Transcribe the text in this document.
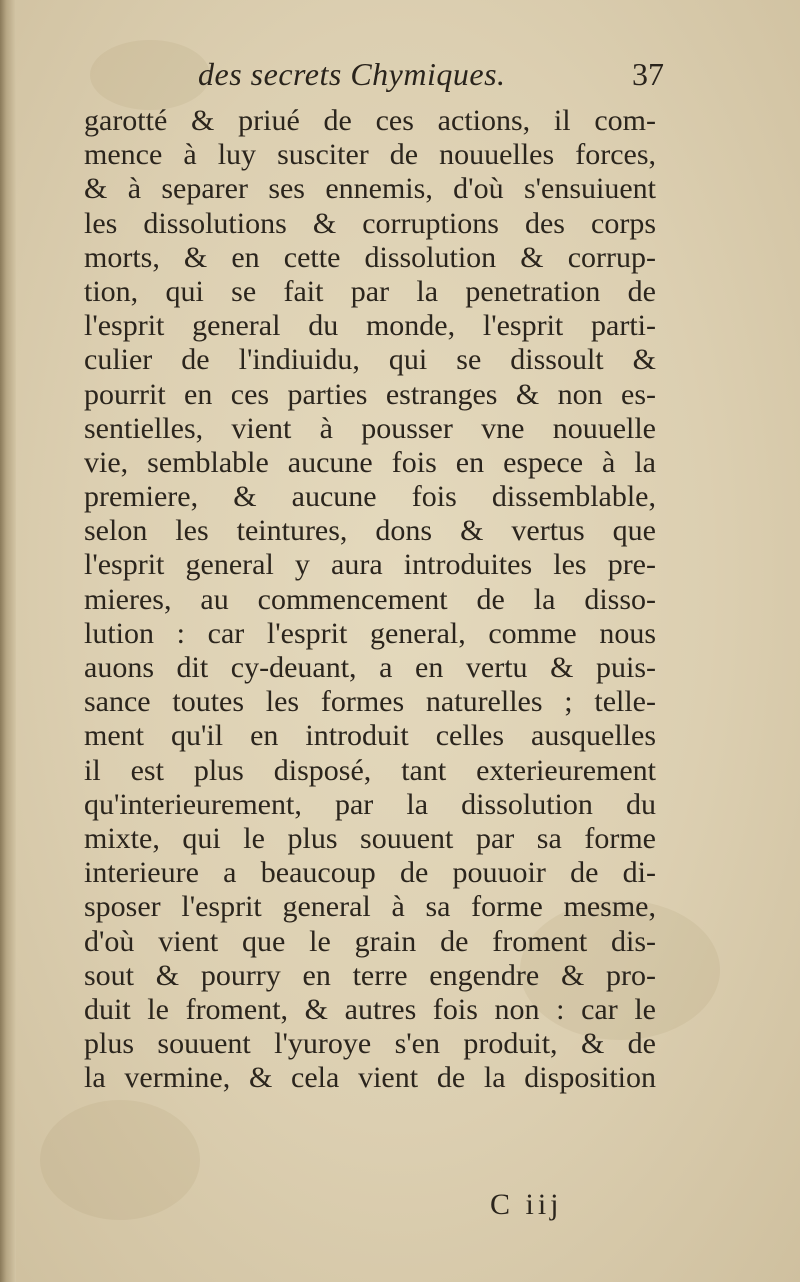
des secrets Chymiques.	37
garotté & priué de ces actions, il com-
mence à luy susciter de nouuelles forces,
& à separer ses ennemis, d'où s'ensuiuent
les dissolutions & corruptions des corps
morts, & en cette dissolution & corrup-
tion, qui se fait par la penetration de
l'esprit general du monde, l'esprit parti-
culier de l'indiuidu, qui se dissoult &
pourrit en ces parties estranges & non es-
sentielles, vient à pousser vne nouuelle
vie, semblable aucune fois en espece à la
premiere, & aucune fois dissemblable,
selon les teintures, dons & vertus que
l'esprit general y aura introduites les pre-
mieres, au commencement de la disso-
lution : car l'esprit general, comme nous
auons dit cy-deuant, a en vertu & puis-
sance toutes les formes naturelles ; telle-
ment qu'il en introduit celles ausquelles
il est plus disposé, tant exterieurement
qu'interieurement, par la dissolution du
mixte, qui le plus souuent par sa forme
interieure a beaucoup de pouuoir de di-
sposer l'esprit general à sa forme mesme,
d'où vient que le grain de froment dis-
sout & pourry en terre engendre & pro-
duit le froment, & autres fois non : car le
plus souuent l'yuroye s'en produit, & de
la vermine, & cela vient de la disposition
C iij
